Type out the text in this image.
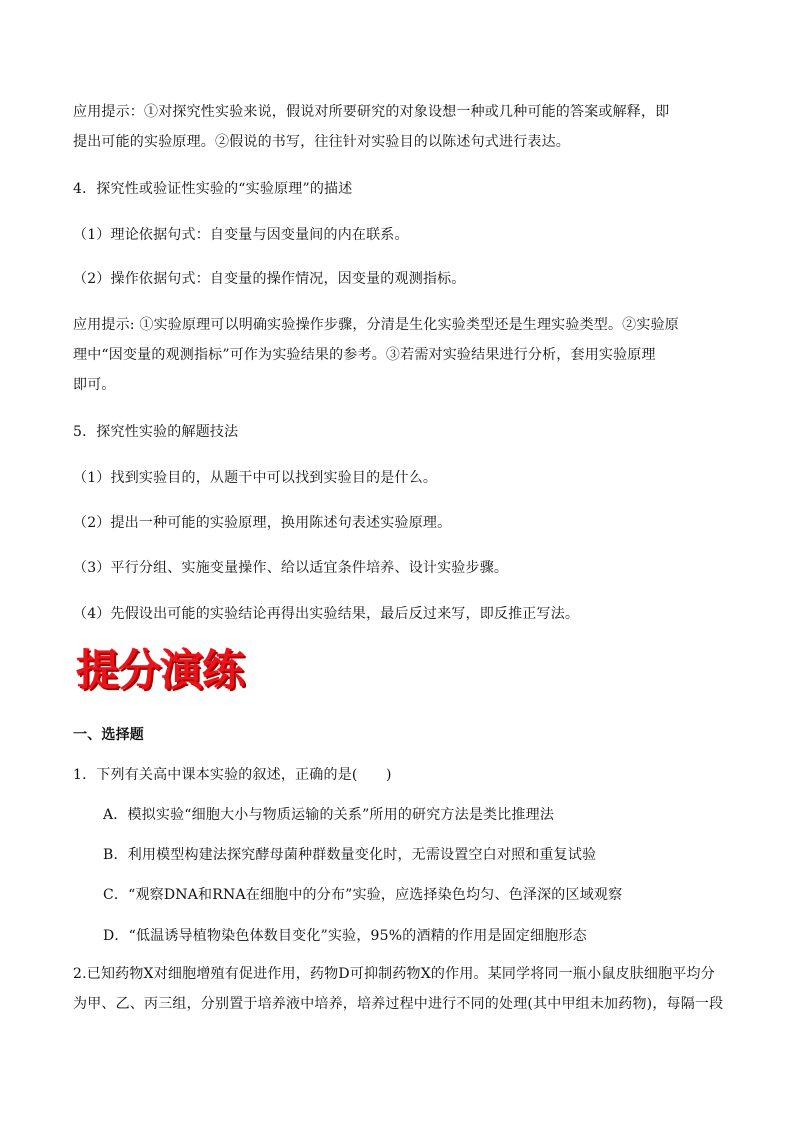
应用提示：①对探究性实验来说，假说对所要研究的对象设想一种或几种可能的答案或解释，即
提出可能的实验原理。②假说的书写，往往针对实验目的以陈述句式进行表达。
4．探究性或验证性实验的“实验原理”的描述
（1）理论依据句式：自变量与因变量间的内在联系。
（2）操作依据句式：自变量的操作情况，因变量的观测指标。
应用提示: ①实验原理可以明确实验操作步骤，分清是生化实验类型还是生理实验类型。②实验原
理中“因变量的观测指标”可作为实验结果的参考。③若需对实验结果进行分析，套用实验原理
即可。
5．探究性实验的解题技法
（1）找到实验目的，从题干中可以找到实验目的是什么。
（2）提出一种可能的实验原理，换用陈述句表述实验原理。
（3）平行分组、实施变量操作、给以适宜条件培养、设计实验步骤。
（4）先假设出可能的实验结论再得出实验结果，最后反过来写，即反推正写法。
提分演练
一、选择题
1．下列有关高中课本实验的叙述，正确的是(　　)
A．模拟实验“细胞大小与物质运输的关系”所用的研究方法是类比推理法
B．利用模型构建法探究酵母菌种群数量变化时，无需设置空白对照和重复试验
C．“观察DNA和RNA在细胞中的分布”实验，应选择染色均匀、色泽深的区域观察
D．“低温诱导植物染色体数目变化”实验，95%的酒精的作用是固定细胞形态
2.已知药物X对细胞增殖有促进作用，药物D可抑制药物X的作用。某同学将同一瓶小鼠皮肤细胞平均分
为甲、乙、丙三组，分别置于培养液中培养，培养过程中进行不同的处理(其中甲组未加药物)，每隔一段
